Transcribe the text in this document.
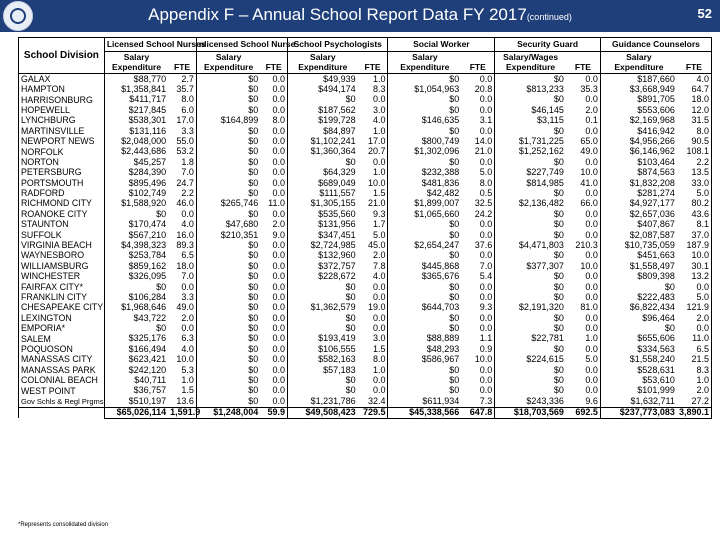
Appendix F – Annual School Report Data FY 2017(continued)	52
School Division	Licensed School Nurses		nlicensed School Nurse		School Psychologists		Social Worker		Security Guard		Guidance Counselors	
	Salary		Salary		Salary		Salary		Salary/Wages		Salary	
	Expenditure	FTE	Expenditure	FTE	Expenditure	FTE	Expenditure	FTE	Expenditure	FTE	Expenditure	FTE
GALAX	$88,770	2.7	$0	0.0	$49,939	1.0	$0	0.0	$0	0.0	$187,660	4.0
HAMPTON	$1,358,841	35.7	$0	0.0	$494,174	8.3	$1,054,963	20.8	$813,233	35.3	$3,668,949	64.7
HARRISONBURG	$411,717	8.0	$0	0.0	$0	0.0	$0	0.0	$0	0.0	$891,705	18.0
HOPEWELL	$217,845	6.0	$0	0.0	$187,562	3.0	$0	0.0	$46,145	2.0	$553,606	12.0
LYNCHBURG	$538,301	17.0	$164,899	8.0	$199,728	4.0	$146,635	3.1	$3,115	0.1	$2,169,968	31.5
MARTINSVILLE	$131,116	3.3	$0	0.0	$84,897	1.0	$0	0.0	$0	0.0	$416,942	8.0
NEWPORT NEWS	$2,048,000	55.0	$0	0.0	$1,102,241	17.0	$800,749	14.0	$1,731,225	65.0	$4,956,266	90.5
NORFOLK	$2,443,686	53.2	$0	0.0	$1,360,364	20.7	$1,302,096	21.0	$1,252,162	49.0	$6,146,962	108.1
NORTON	$45,257	1.8	$0	0.0	$0	0.0	$0	0.0	$0	0.0	$103,464	2.2
PETERSBURG	$284,390	7.0	$0	0.0	$64,329	1.0	$232,388	5.0	$227,749	10.0	$874,563	13.5
PORTSMOUTH	$895,496	24.7	$0	0.0	$689,049	10.0	$481,836	8.0	$814,985	41.0	$1,832,208	33.0
RADFORD	$102,749	2.2	$0	0.0	$111,557	1.5	$42,482	0.5	$0	0.0	$281,274	5.0
RICHMOND CITY	$1,588,920	46.0	$265,746	11.0	$1,305,155	21.0	$1,899,007	32.5	$2,136,482	66.0	$4,927,177	80.2
ROANOKE CITY	$0	0.0	$0	0.0	$535,560	9.3	$1,065,660	24.2	$0	0.0	$2,657,036	43.6
STAUNTON	$170,474	4.0	$47,680	2.0	$131,956	1.7	$0	0.0	$0	0.0	$407,867	8.1
SUFFOLK	$567,210	16.0	$210,351	9.0	$347,451	5.0	$0	0.0	$0	0.0	$2,087,587	37.0
VIRGINIA BEACH	$4,398,323	89.3	$0	0.0	$2,724,985	45.0	$2,654,247	37.6	$4,471,803	210.3	$10,735,059	187.9
WAYNESBORO	$253,784	6.5	$0	0.0	$132,960	2.0	$0	0.0	$0	0.0	$451,663	10.0
WILLIAMSBURG	$859,162	18.0	$0	0.0	$372,757	7.8	$445,868	7.0	$377,307	10.0	$1,558,497	30.1
WINCHESTER	$326,095	7.0	$0	0.0	$228,672	4.0	$365,676	5.4	$0	0.0	$809,398	13.2
FAIRFAX CITY*	$0	0.0	$0	0.0	$0	0.0	$0	0.0	$0	0.0	$0	0.0
FRANKLIN CITY	$106,284	3.3	$0	0.0	$0	0.0	$0	0.0	$0	0.0	$222,483	5.0
CHESAPEAKE CITY	$1,968,646	49.0	$0	0.0	$1,362,579	19.0	$644,703	9.3	$2,191,320	81.0	$6,822,434	121.9
LEXINGTON	$43,722	2.0	$0	0.0	$0	0.0	$0	0.0	$0	0.0	$96,464	2.0
EMPORIA*	$0	0.0	$0	0.0	$0	0.0	$0	0.0	$0	0.0	$0	0.0
SALEM	$325,176	6.3	$0	0.0	$193,419	3.0	$88,889	1.1	$22,781	1.0	$655,606	11.0
POQUOSON	$166,494	4.0	$0	0.0	$106,555	1.5	$48,293	0.9	$0	0.0	$334,563	6.5
MANASSAS CITY	$623,421	10.0	$0	0.0	$582,163	8.0	$586,967	10.0	$224,615	5.0	$1,558,240	21.5
MANASSAS PARK	$242,120	5.3	$0	0.0	$57,183	1.0	$0	0.0	$0	0.0	$528,631	8.3
COLONIAL BEACH	$40,711	1.0	$0	0.0	$0	0.0	$0	0.0	$0	0.0	$53,610	1.0
WEST POINT	$36,757	1.5	$0	0.0	$0	0.0	$0	0.0	$0	0.0	$101,999	2.0
Gov Schls & Regl Prgms	$510,197	13.6	$0	0.0	$1,231,786	32.4	$611,934	7.3	$243,336	9.6	$1,632,711	27.2
	$65,026,114	1,591.9	$1,248,004	59.9	$49,508,423	729.5	$45,338,566	647.8	$18,703,569	692.5	$237,773,083	3,890.1
*Represents consolidated division
